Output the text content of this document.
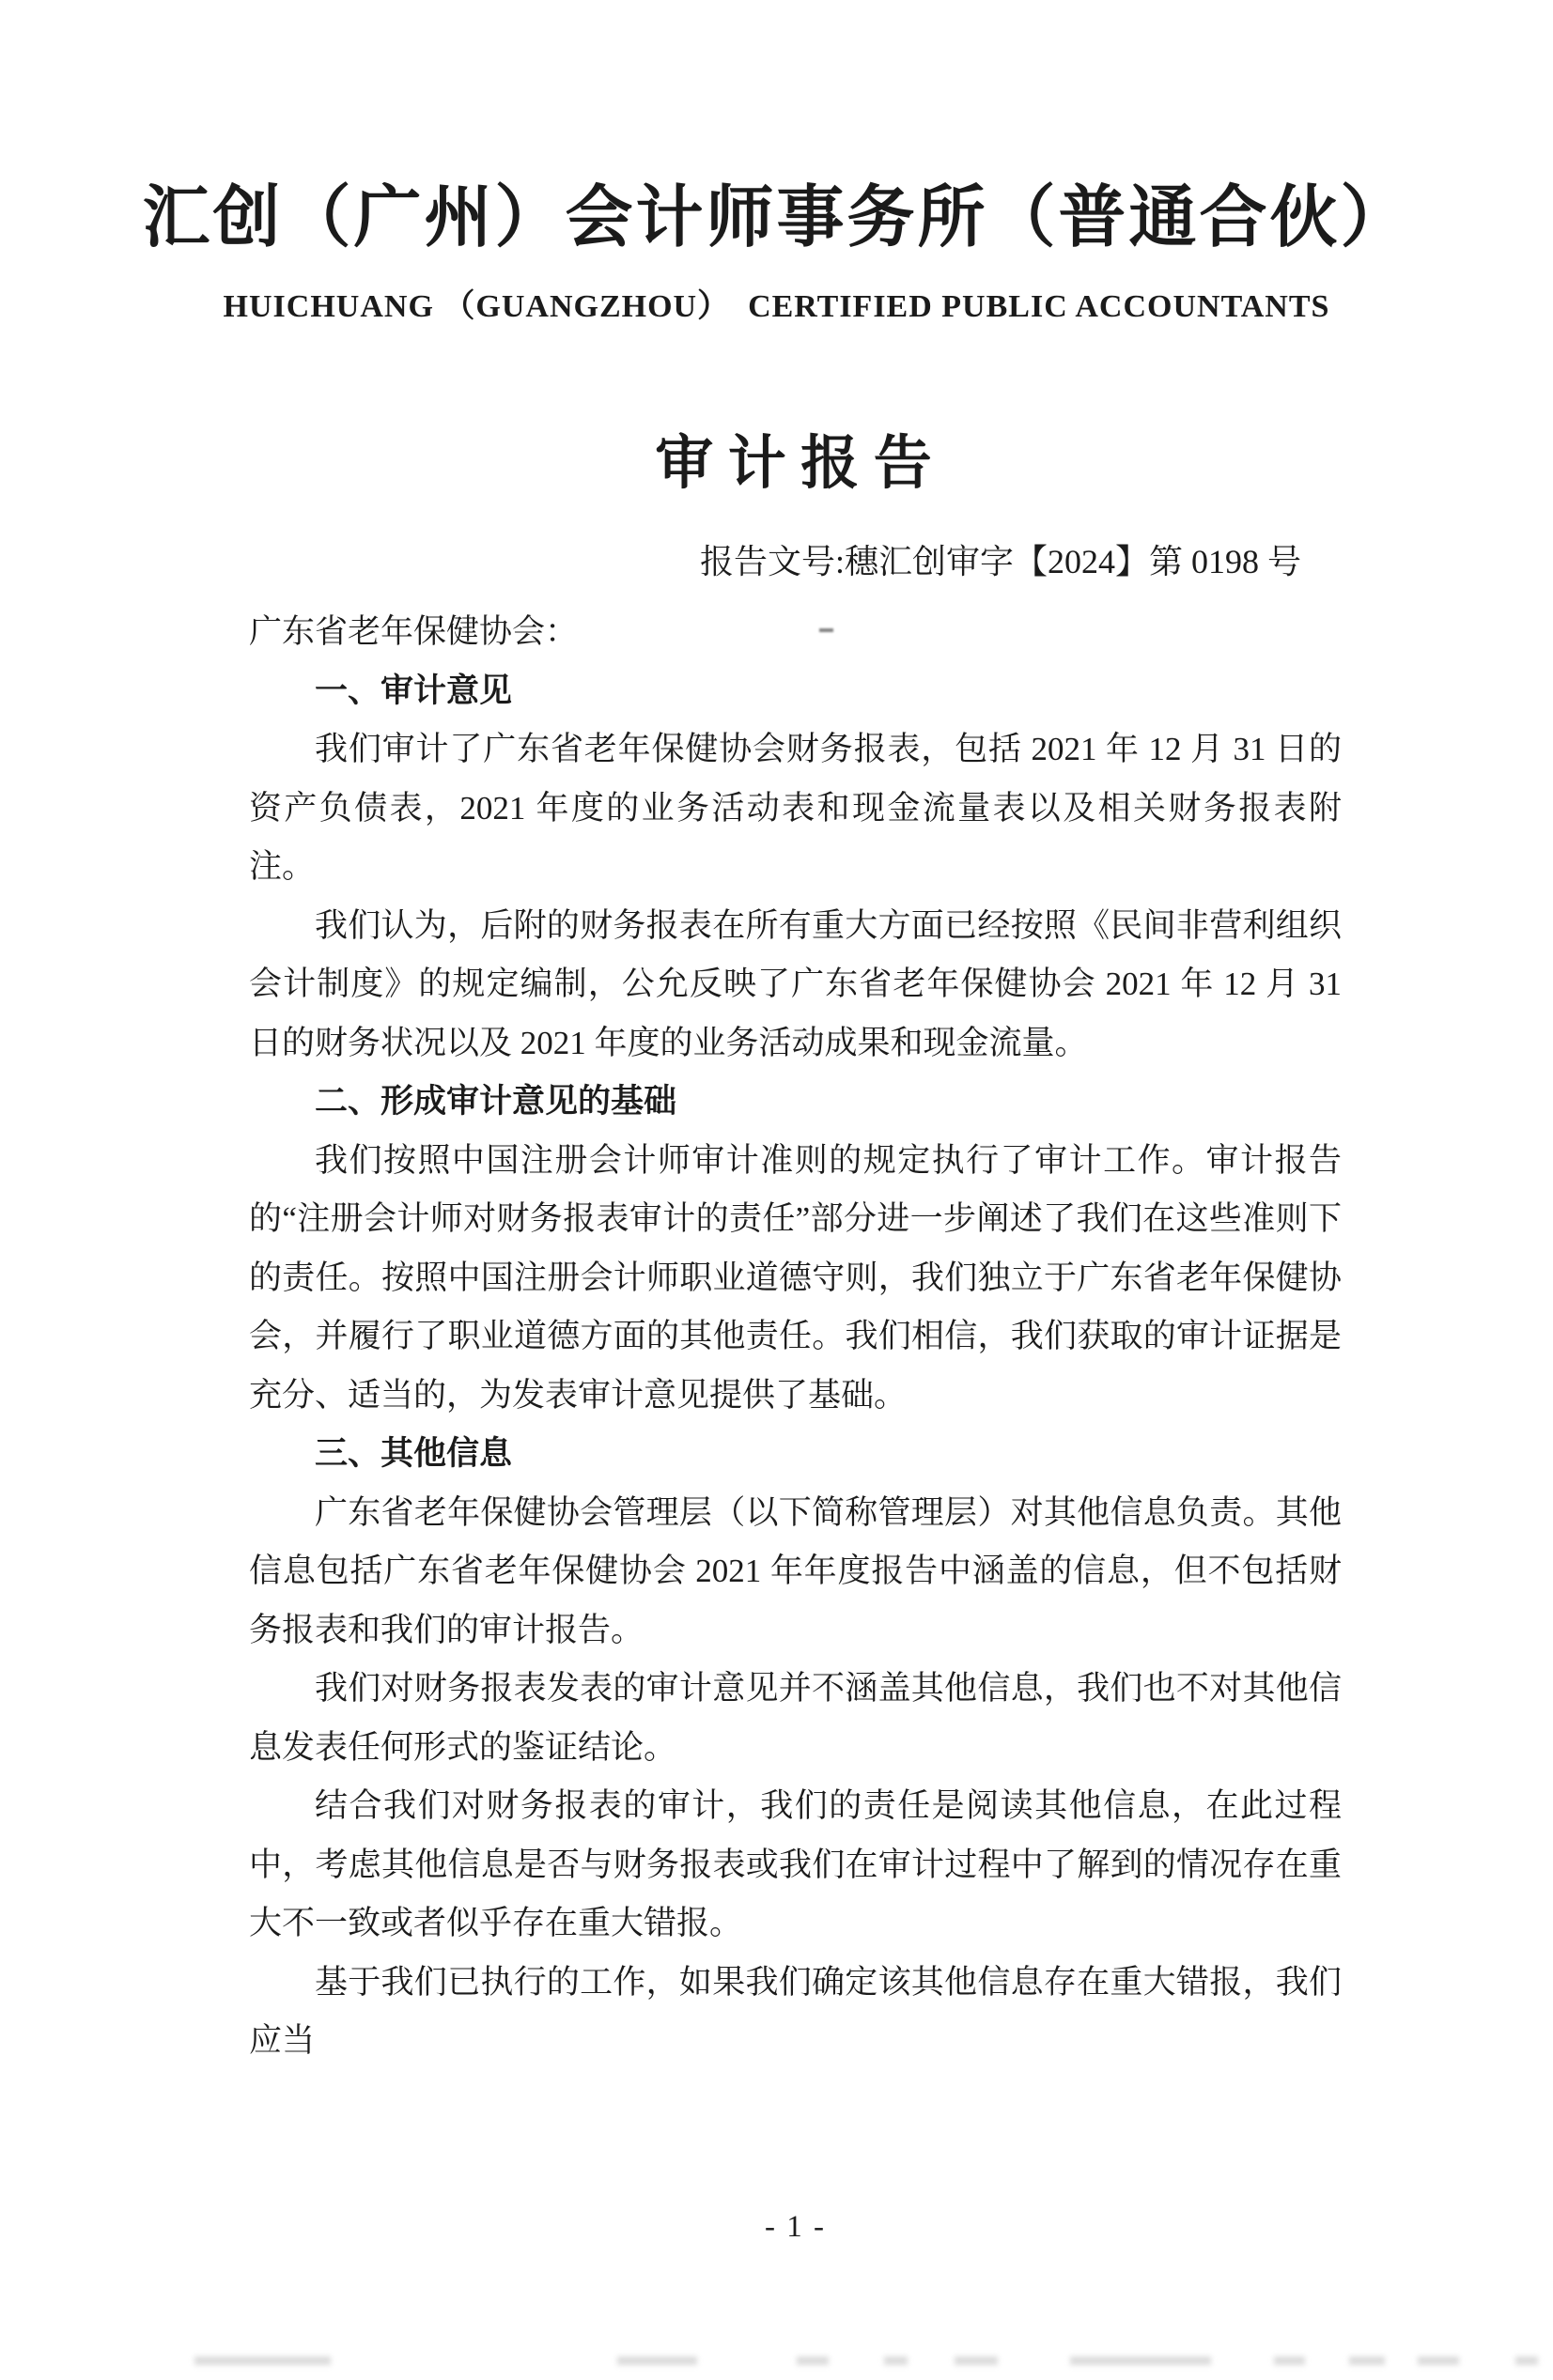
汇创（广州）会计师事务所（普通合伙）
HUICHUANG （GUANGZHOU）  CERTIFIED PUBLIC ACCOUNTANTS
审 计 报 告
报告文号:穗汇创审字【2024】第 0198 号

广东省老年保健协会：

一、审计意见

我们审计了广东省老年保健协会财务报表，包括 2021 年 12 月 31 日的资产负债表，2021 年度的业务活动表和现金流量表以及相关财务报表附注。

我们认为，后附的财务报表在所有重大方面已经按照《民间非营利组织会计制度》的规定编制，公允反映了广东省老年保健协会 2021 年 12 月 31 日的财务状况以及 2021 年度的业务活动成果和现金流量。

二、形成审计意见的基础

我们按照中国注册会计师审计准则的规定执行了审计工作。审计报告的“注册会计师对财务报表审计的责任”部分进一步阐述了我们在这些准则下的责任。按照中国注册会计师职业道德守则，我们独立于广东省老年保健协会，并履行了职业道德方面的其他责任。我们相信，我们获取的审计证据是充分、适当的，为发表审计意见提供了基础。

三、其他信息

广东省老年保健协会管理层（以下简称管理层）对其他信息负责。其他信息包括广东省老年保健协会 2021 年年度报告中涵盖的信息，但不包括财务报表和我们的审计报告。

我们对财务报表发表的审计意见并不涵盖其他信息，我们也不对其他信息发表任何形式的鉴证结论。

结合我们对财务报表的审计，我们的责任是阅读其他信息，在此过程中，考虑其他信息是否与财务报表或我们在审计过程中了解到的情况存在重大不一致或者似乎存在重大错报。

基于我们已执行的工作，如果我们确定该其他信息存在重大错报，我们应当

- 1 -
